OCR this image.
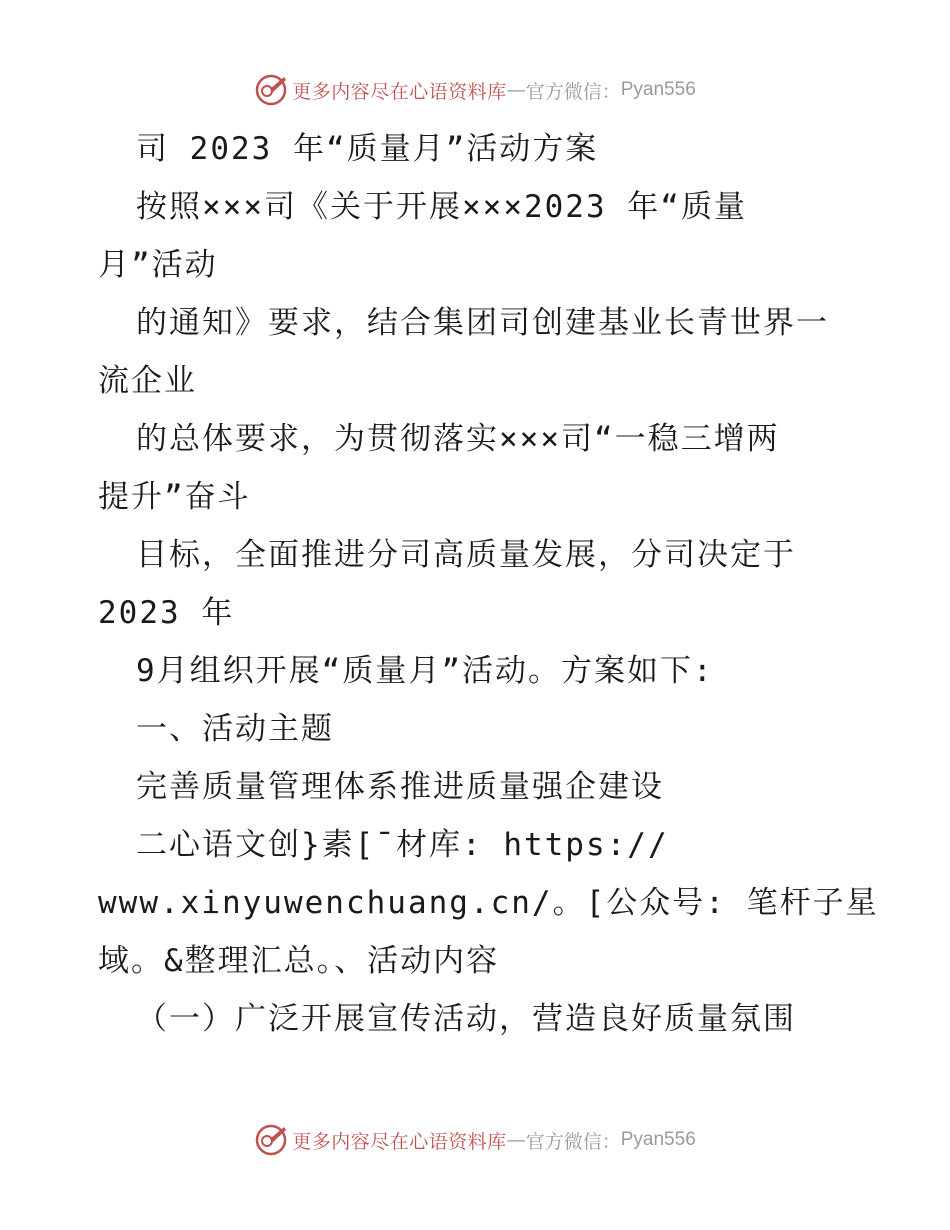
更多内容尽在心语资料库 — 官方微信： Pyan556
司 2023 年“质量月”活动方案
按照×××司《关于开展×××2023 年“质量
月”活动
的通知》要求，结合集团司创建基业长青世界一
流企业
的总体要求，为贯彻落实×××司“一稳三增两
提升”奋斗
目标，全面推进分司高质量发展，分司决定于
2023 年
9月组织开展“质量月”活动。方案如下:
一、活动主题
完善质量管理体系推进质量强企建设
二心语文创}素[¯材库: https://
www.xinyuwenchuang.cn/。[公众号: 笔杆子星
域。&整理汇总。、活动内容
（一）广泛开展宣传活动，营造良好质量氛围
更多内容尽在心语资料库 — 官方微信： Pyan556
